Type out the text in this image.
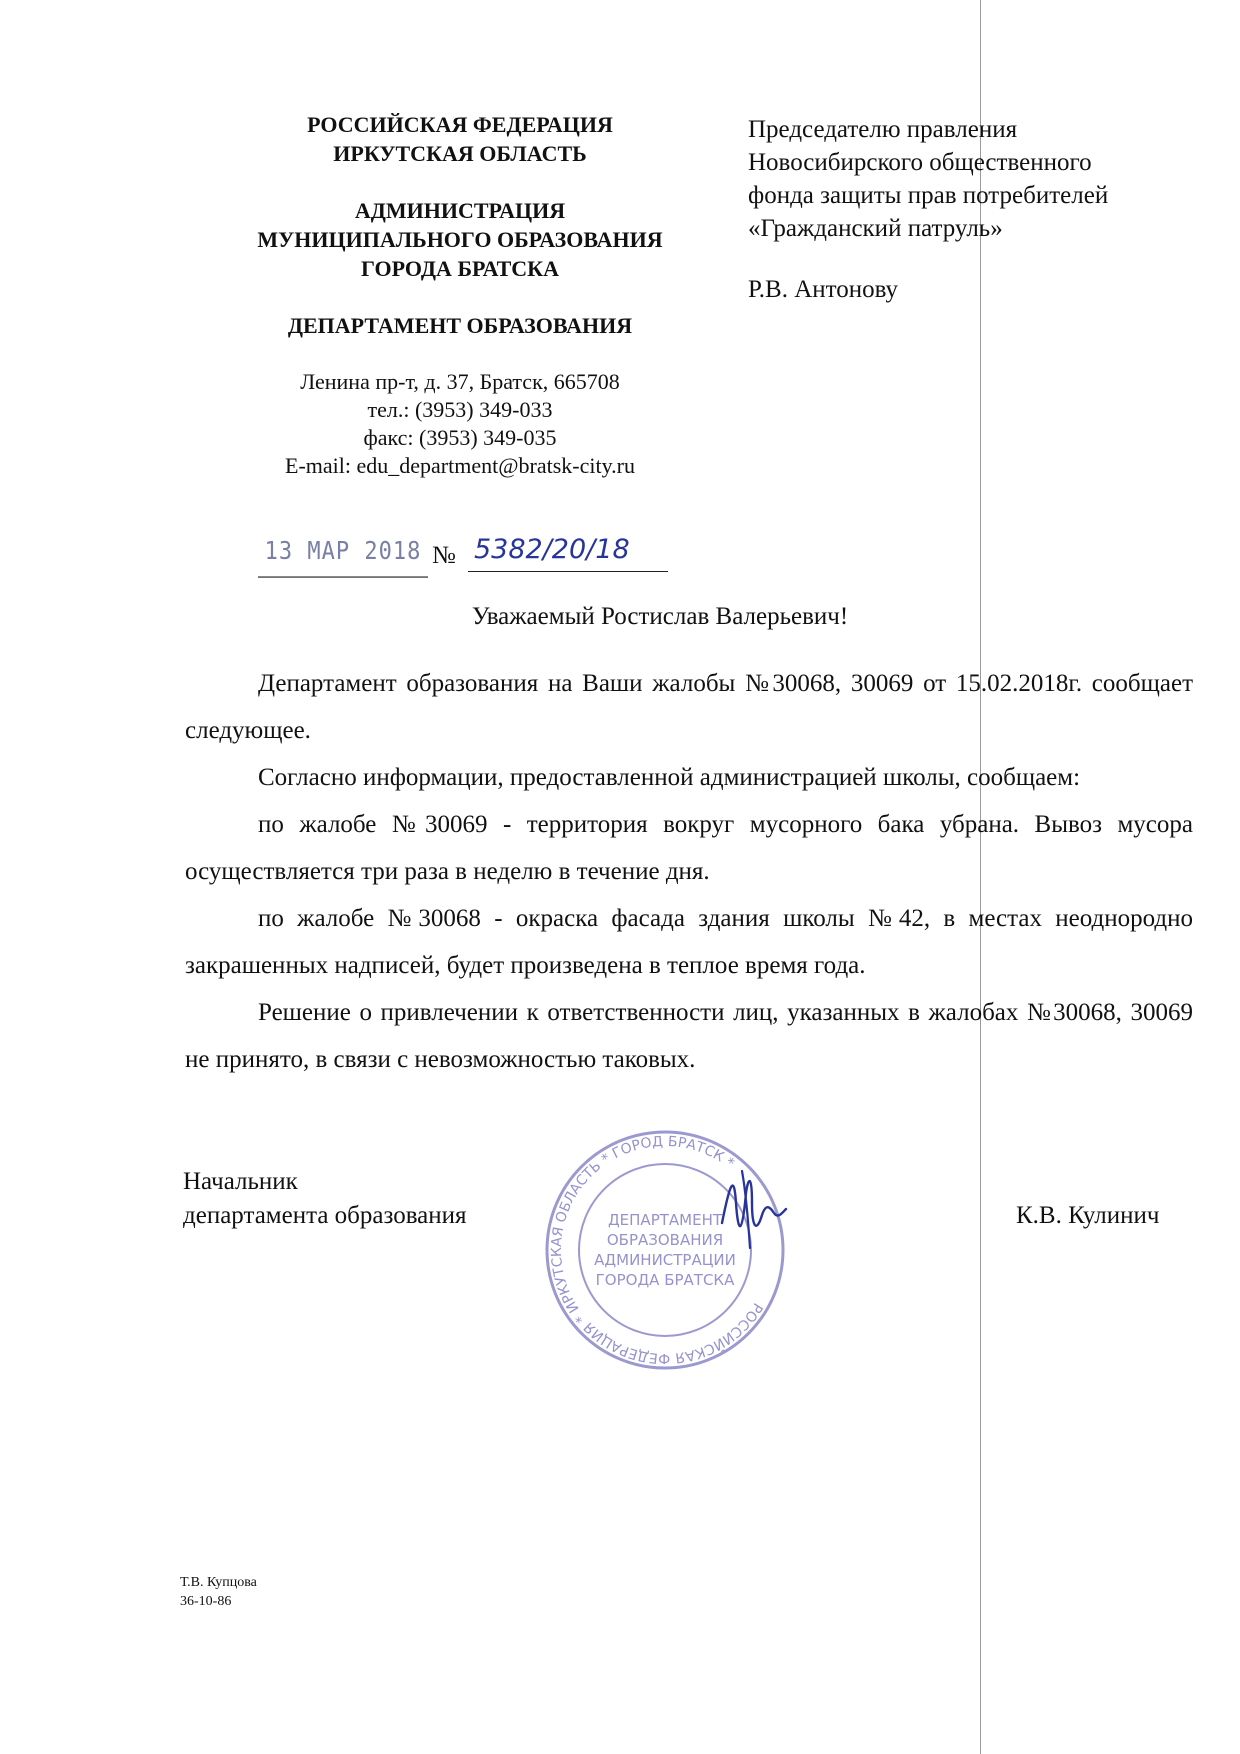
РОССИЙСКАЯ ФЕДЕРАЦИЯ

ИРКУТСКАЯ ОБЛАСТЬ

АДМИНИСТРАЦИЯ

МУНИЦИПАЛЬНОГО ОБРАЗОВАНИЯ

ГОРОДА БРАТСКА

ДЕПАРТАМЕНТ ОБРАЗОВАНИЯ

Ленина пр-т, д. 37, Братск, 665708

тел.: (3953) 349-033

факс: (3953) 349-035

E-mail: edu_department@bratsk-city.ru

Председателю правления

Новосибирского общественного

фонда защиты прав потребителей

«Гражданский патруль»

Р.В. Антонову

13 МАР 2018 № 5382/20/18
Уважаемый Ростислав Валерьевич!

Департамент образования на Ваши жалобы №30068, 30069 от 15.02.2018г. сообщает следующее.

Согласно информации, предоставленной администрацией школы, сообщаем:

по жалобе №30069 - территория вокруг мусорного бака убрана. Вывоз мусора осуществляется три раза в неделю в течение дня.

по жалобе №30068 - окраска фасада здания школы №42, в местах неоднородно закрашенных надписей, будет произведена в теплое время года.

Решение о привлечении к ответственности лиц, указанных в жалобах №30068, 30069 не принято, в связи с невозможностью таковых.

Начальник

департамента образования

РОССИЙСКАЯ ФЕДЕРАЦИЯ * ИРКУТСКАЯ ОБЛАСТЬ * ГОРОД БРАТСК *
ДЕПАРТАМЕНТ
ОБРАЗОВАНИЯ
АДМИНИСТРАЦИИ
ГОРОДА БРАТСКА
К.В. Кулинич

Т.В. Купцова

36-10-86
